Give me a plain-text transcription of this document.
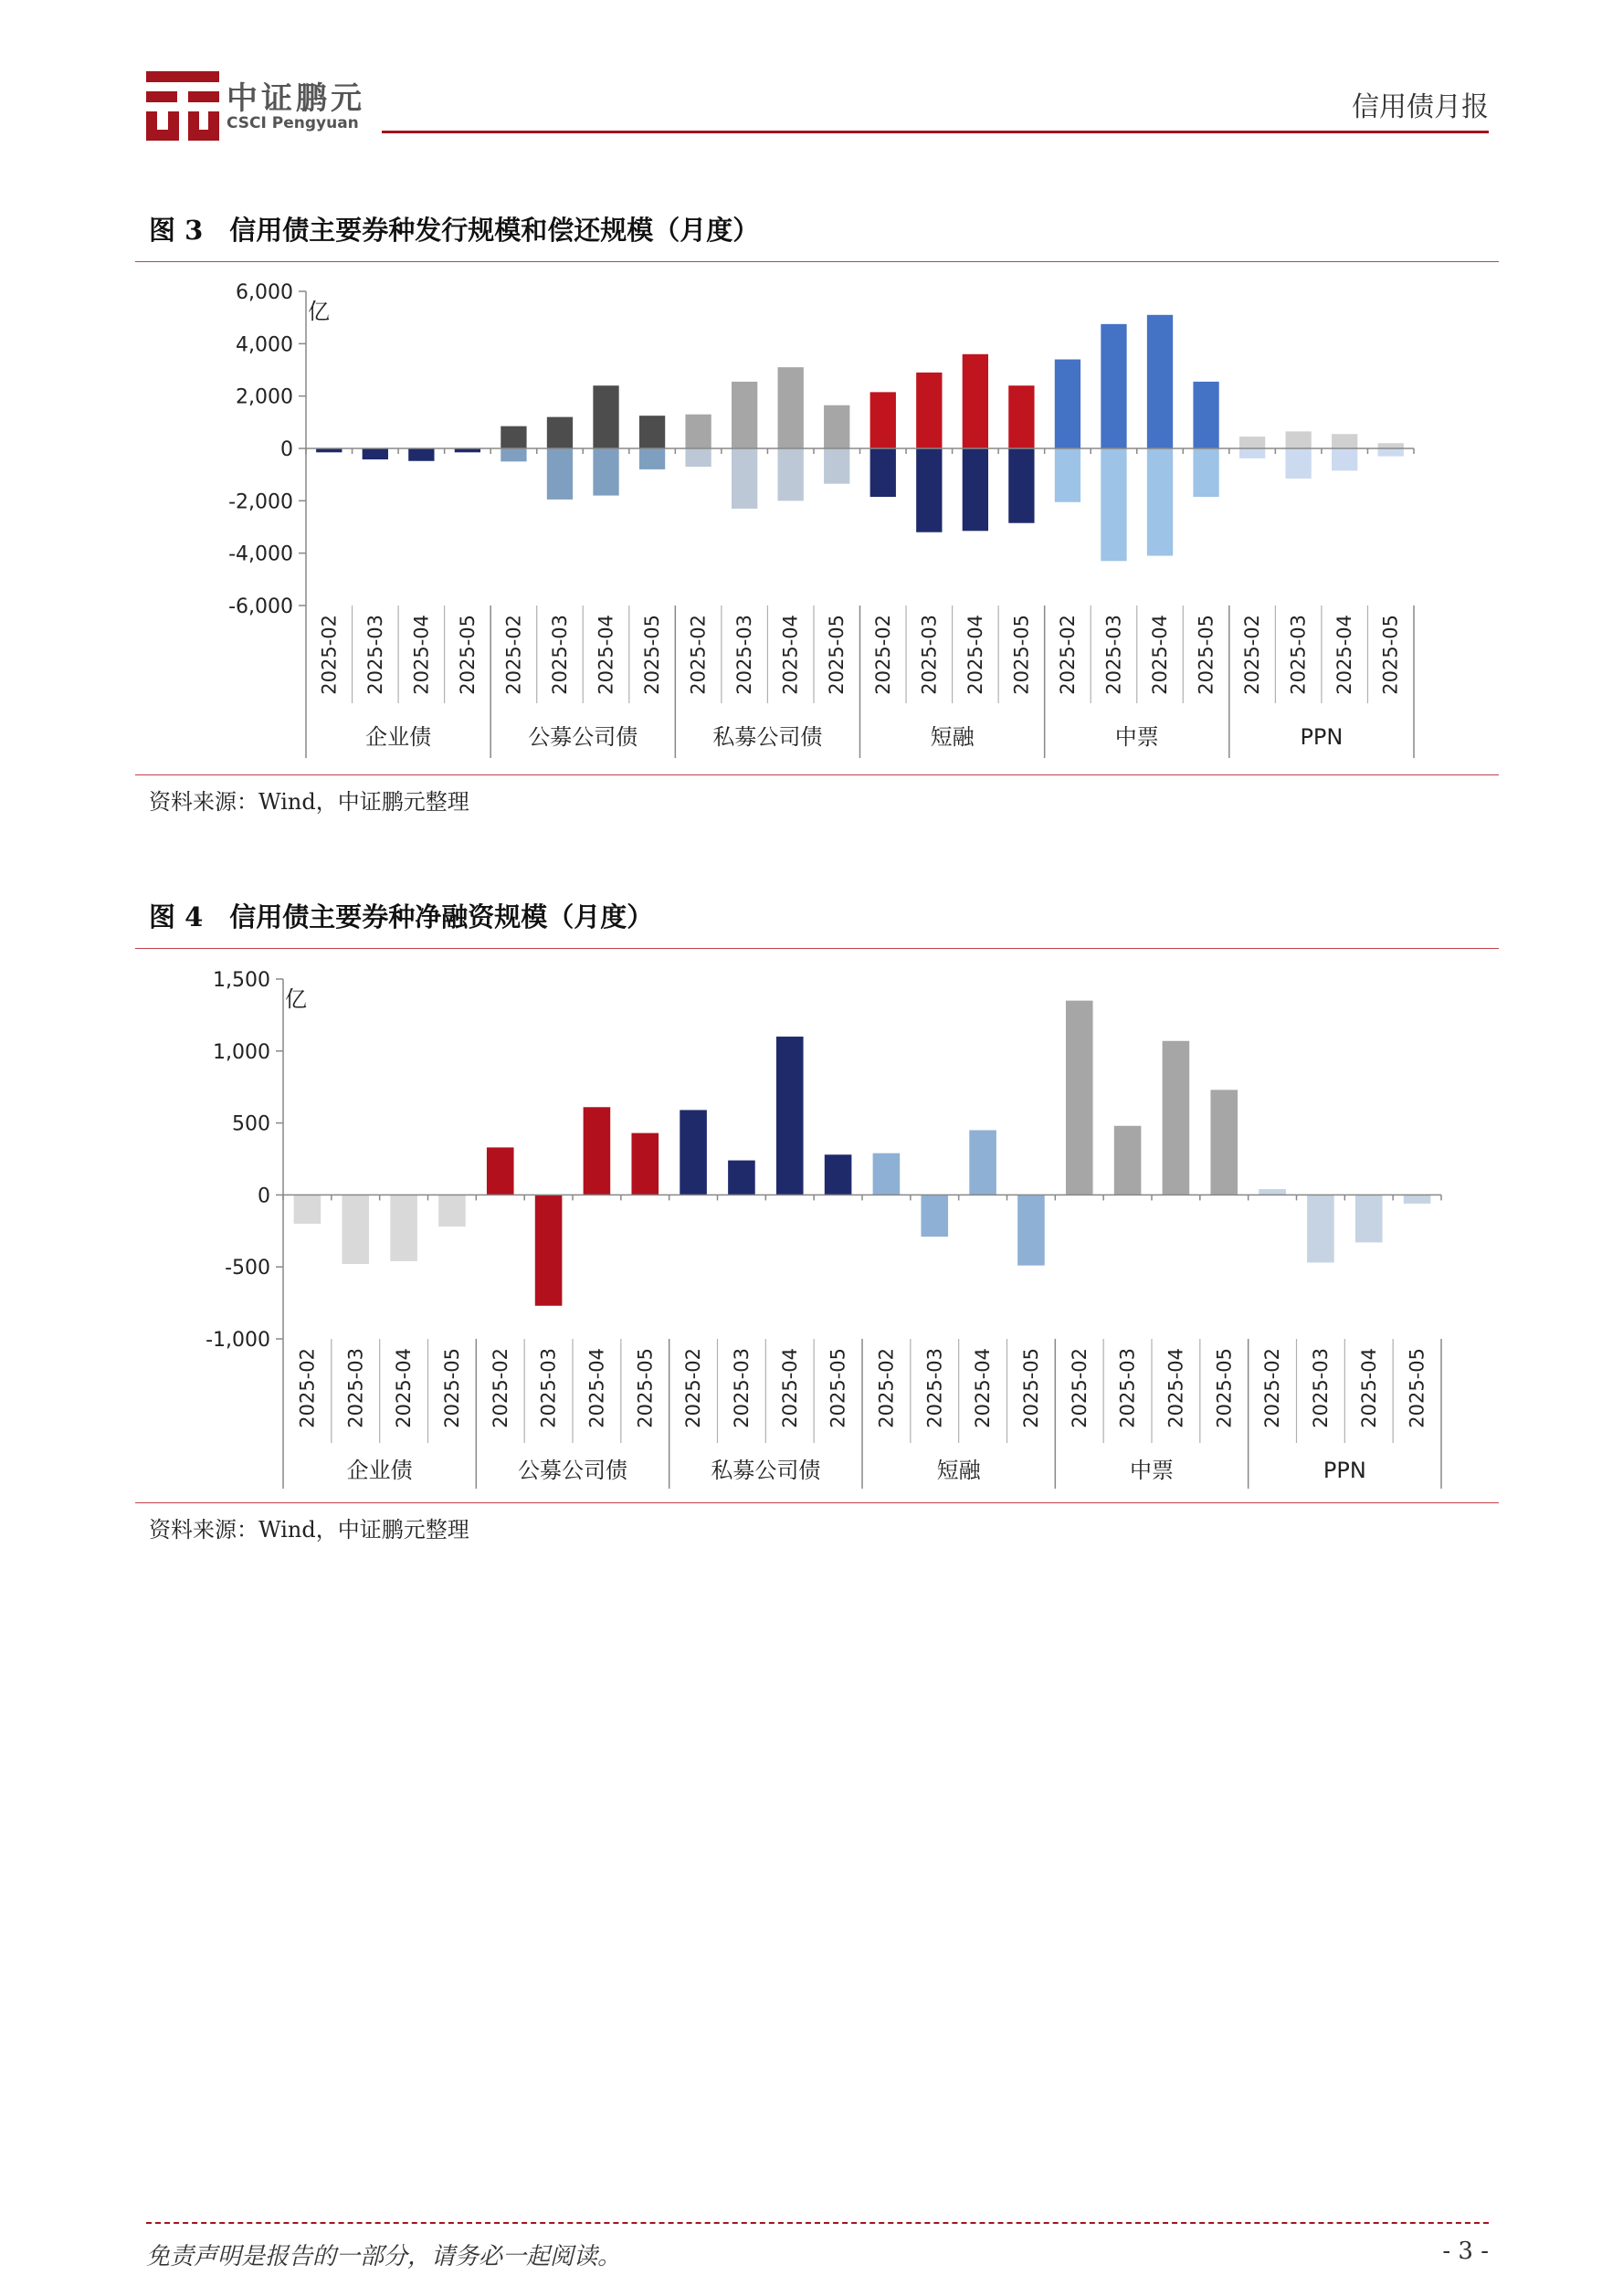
中证鹏元
CSCI Pengyuan	信用债月报
图 3　信用债主要券种发行规模和偿还规模（月度）
6,000
4,000
2,000
0
-2,000
-4,000
-6,000
亿
2025-02 2025-03 2025-04 2025-05
企业债
2025-02 2025-03 2025-04 2025-05
公募公司债
2025-02 2025-03 2025-04 2025-05
私募公司债
2025-02 2025-03 2025-04 2025-05
短融
2025-02 2025-03 2025-04 2025-05
中票
2025-02 2025-03 2025-04 2025-05
PPN
资料来源：Wind，中证鹏元整理
图 4　信用债主要券种净融资规模（月度）
1,500
1,000
500
0
-500
-1,000
亿
2025-02 2025-03 2025-04 2025-05
企业债
2025-02 2025-03 2025-04 2025-05
公募公司债
2025-02 2025-03 2025-04 2025-05
私募公司债
2025-02 2025-03 2025-04 2025-05
短融
2025-02 2025-03 2025-04 2025-05
中票
2025-02 2025-03 2025-04 2025-05
PPN
资料来源：Wind，中证鹏元整理
免责声明是报告的一部分，请务必一起阅读。	- 3 -
